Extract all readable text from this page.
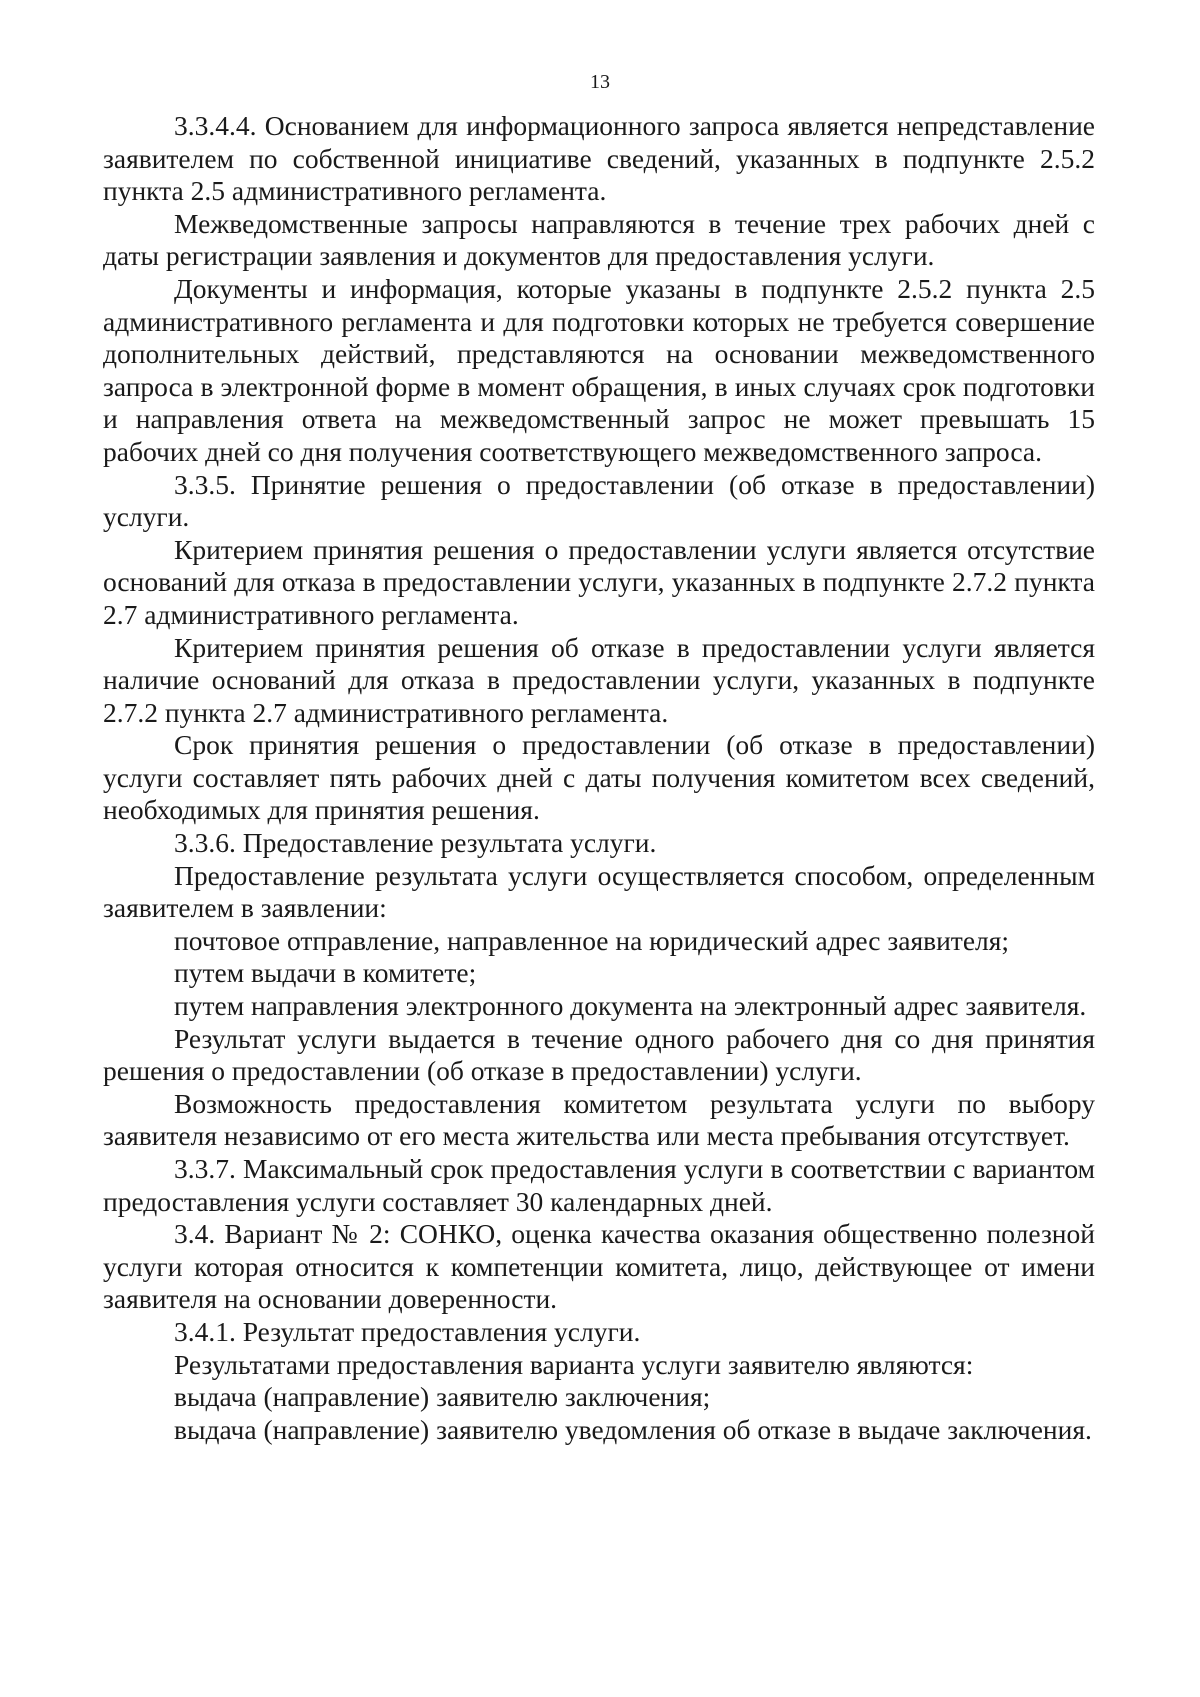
13

3.3.4.4. Основанием для информационного запроса является непредставление заявителем по собственной инициативе сведений, указанных в подпункте 2.5.2 пункта 2.5 административного регламента.

Межведомственные запросы направляются в течение трех рабочих дней с даты регистрации заявления и документов для предоставления услуги.

Документы и информация, которые указаны в подпункте 2.5.2 пункта 2.5 административного регламента и для подготовки которых не требуется совершение дополнительных действий, представляются на основании межведомственного запроса в электронной форме в момент обращения, в иных случаях срок подготовки и направления ответа на межведомственный запрос не может превышать 15 рабочих дней со дня получения соответствующего межведомственного запроса.

3.3.5. Принятие решения о предоставлении (об отказе в предоставлении) услуги.

Критерием принятия решения о предоставлении услуги является отсутствие оснований для отказа в предоставлении услуги, указанных в подпункте 2.7.2 пункта 2.7 административного регламента.

Критерием принятия решения об отказе в предоставлении услуги является наличие оснований для отказа в предоставлении услуги, указанных в подпункте 2.7.2 пункта 2.7 административного регламента.

Срок принятия решения о предоставлении (об отказе в предоставлении) услуги составляет пять рабочих дней с даты получения комитетом всех сведений, необходимых для принятия решения.

3.3.6. Предоставление результата услуги.

Предоставление результата услуги осуществляется способом, определенным заявителем в заявлении:

почтовое отправление, направленное на юридический адрес заявителя;

путем выдачи в комитете;

путем направления электронного документа на электронный адрес заявителя.

Результат услуги выдается в течение одного рабочего дня со дня принятия решения о предоставлении (об отказе в предоставлении) услуги.

Возможность предоставления комитетом результата услуги по выбору заявителя независимо от его места жительства или места пребывания отсутствует.

3.3.7. Максимальный срок предоставления услуги в соответствии с вариантом предоставления услуги составляет 30 календарных дней.

3.4. Вариант № 2: СОНКО, оценка качества оказания общественно полезной услуги которая относится к компетенции комитета, лицо, действующее от имени заявителя на основании доверенности.

3.4.1. Результат предоставления услуги.

Результатами предоставления варианта услуги заявителю являются:

выдача (направление) заявителю заключения;

выдача (направление) заявителю уведомления об отказе в выдаче заключения.
